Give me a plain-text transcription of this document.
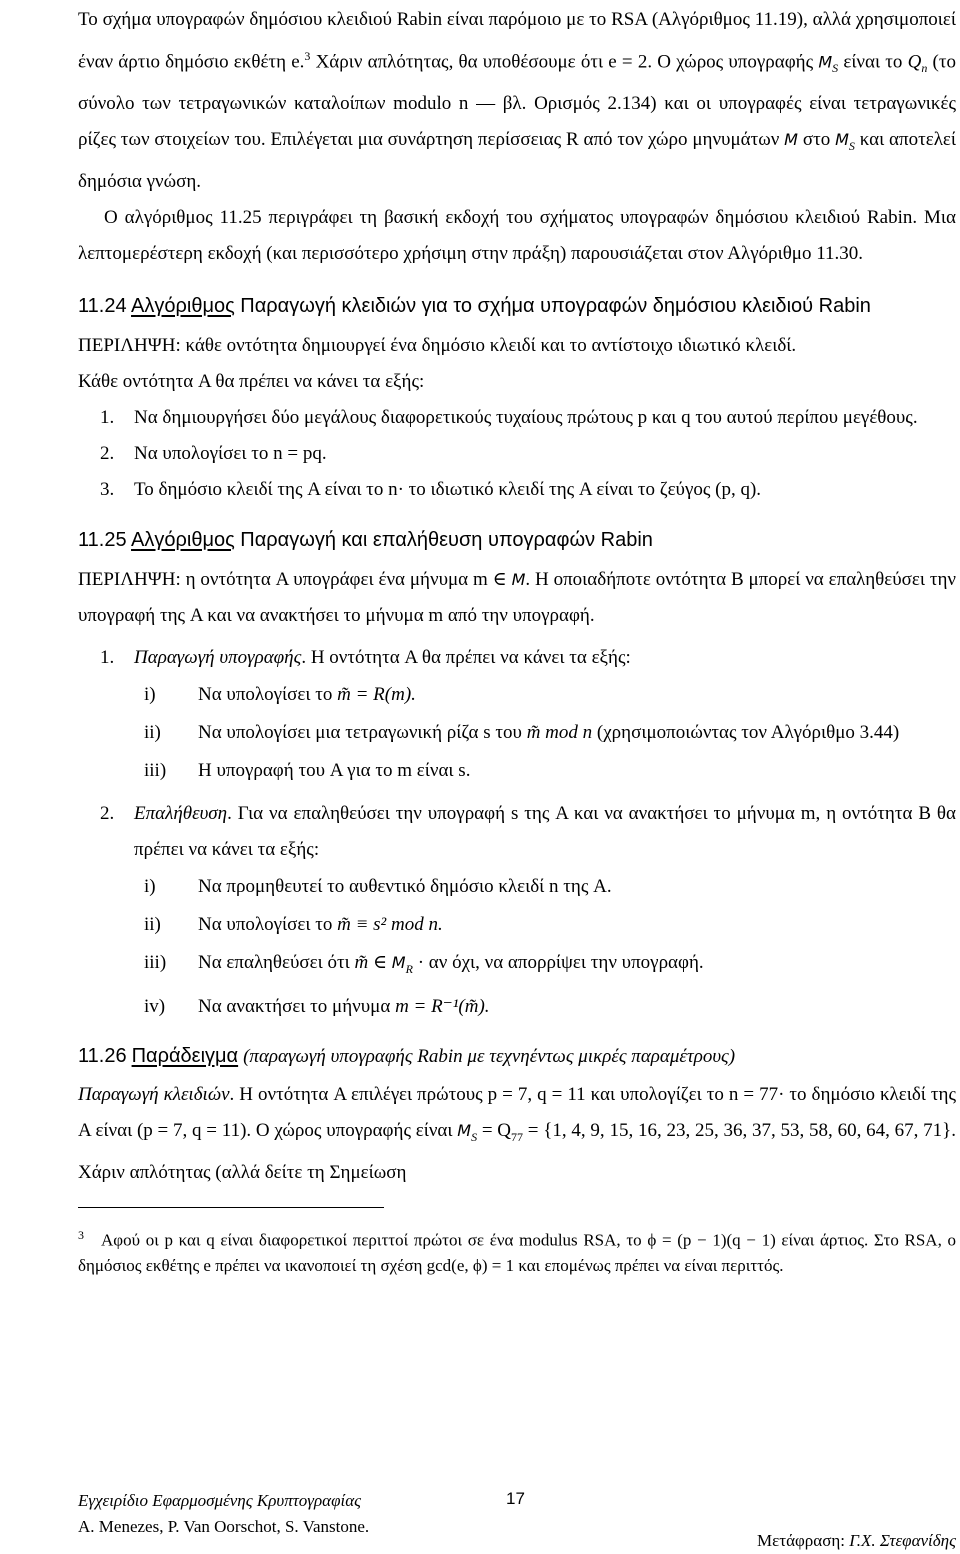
Το σχήμα υπογραφών δημόσιου κλειδιού Rabin είναι παρόμοιο με το RSA (Αλγόριθμος 11.19), αλλά χρησιμοποιεί έναν άρτιο δημόσιο εκθέτη e.$^3$ Χάριν απλότητας, θα υποθέσουμε ότι e = 2. Ο χώρος υπογραφής $M_S$ είναι το $Q_n$ (το σύνολο των τετραγωνικών καταλοίπων modulo n — βλ. Ορισμός 2.134) και οι υπογραφές είναι τετραγωνικές ρίζες των στοιχείων του. Επιλέγεται μια συνάρτηση περίσσειας R από τον χώρο μηνυμάτων M στο $M_S$ και αποτελεί δημόσια γνώση.

Ο αλγόριθμος 11.25 περιγράφει τη βασική εκδοχή του σχήματος υπογραφών δημόσιου κλειδιού Rabin. Μια λεπτομερέστερη εκδοχή (και περισσότερο χρήσιμη στην πράξη) παρουσιάζεται στον Αλγόριθμο 11.30.

11.24 Αλγόριθμος Παραγωγή κλειδιών για το σχήμα υπογραφών δημόσιου κλειδιού Rabin

ΠΕΡΙΛΗΨΗ: κάθε οντότητα δημιουργεί ένα δημόσιο κλειδί και το αντίστοιχο ιδιωτικό κλειδί.

Κάθε οντότητα A θα πρέπει να κάνει τα εξής:

1. Να δημιουργήσει δύο μεγάλους διαφορετικούς τυχαίους πρώτους p και q του αυτού περίπου μεγέθους.
2. Να υπολογίσει το n = pq.
3. Το δημόσιο κλειδί της A είναι το n· το ιδιωτικό κλειδί της A είναι το ζεύγος (p, q).

11.25 Αλγόριθμος Παραγωγή και επαλήθευση υπογραφών Rabin

ΠΕΡΙΛΗΨΗ: η οντότητα A υπογράφει ένα μήνυμα m ∈ M. Η οποιαδήποτε οντότητα B μπορεί να επαληθεύσει την υπογραφή της A και να ανακτήσει το μήνυμα m από την υπογραφή.

1. Παραγωγή υπογραφής. Η οντότητα A θα πρέπει να κάνει τα εξής:
i) Να υπολογίσει το m̃ = R(m).
ii) Να υπολογίσει μια τετραγωνική ρίζα s του m̃ mod n (χρησιμοποιώντας τον Αλγόριθμο 3.44)
iii) Η υπογραφή του A για το m είναι s.
2. Επαλήθευση. Για να επαληθεύσει την υπογραφή s της A και να ανακτήσει το μήνυμα m, η οντότητα B θα πρέπει να κάνει τα εξής:
i) Να προμηθευτεί το αυθεντικό δημόσιο κλειδί n της A.
ii) Να υπολογίσει το m̃ ≡ s² mod n.
iii) Να επαληθεύσει ότι m̃ ∈ $M_R \cdot \alpha\nu$ όχι, να απορρίψει την υπογραφή.
iv) Να ανακτήσει το μήνυμα m = R⁻¹(m̃).

11.26 Παράδειγμα (παραγωγή υπογραφής Rabin με τεχνηέντως μικρές παραμέτρους)

Παραγωγή κλειδιών. Η οντότητα A επιλέγει πρώτους p = 7, q = 11 και υπολογίζει το n = 77· το δημόσιο κλειδί της A είναι (p = 7, q = 11). Ο χώρος υπογραφής είναι $M_S = Q_{77} = \{1$, 4, 9, 15, 16, 23, 25, 36, 37, 53, 58, 60, 64, 67, 71}. Χάριν απλότητας (αλλά δείτε τη Σημείωση

$^3$ Αφού οι p και q είναι διαφορετικοί περιττοί πρώτοι σε ένα modulus RSA, το ϕ = (p − 1)(q − 1) είναι άρτιος. Στο RSA, ο δημόσιος εκθέτης e πρέπει να ικανοποιεί τη σχέση gcd(e, ϕ) = 1 και επομένως πρέπει να είναι περιττός.

Εγχειρίδιο Εφαρμοσμένης Κρυπτογραφίας	17
A. Menezes, P. Van Oorschot, S. Vanstone.
Μετάφραση: Γ.Χ. Στεφανίδης
